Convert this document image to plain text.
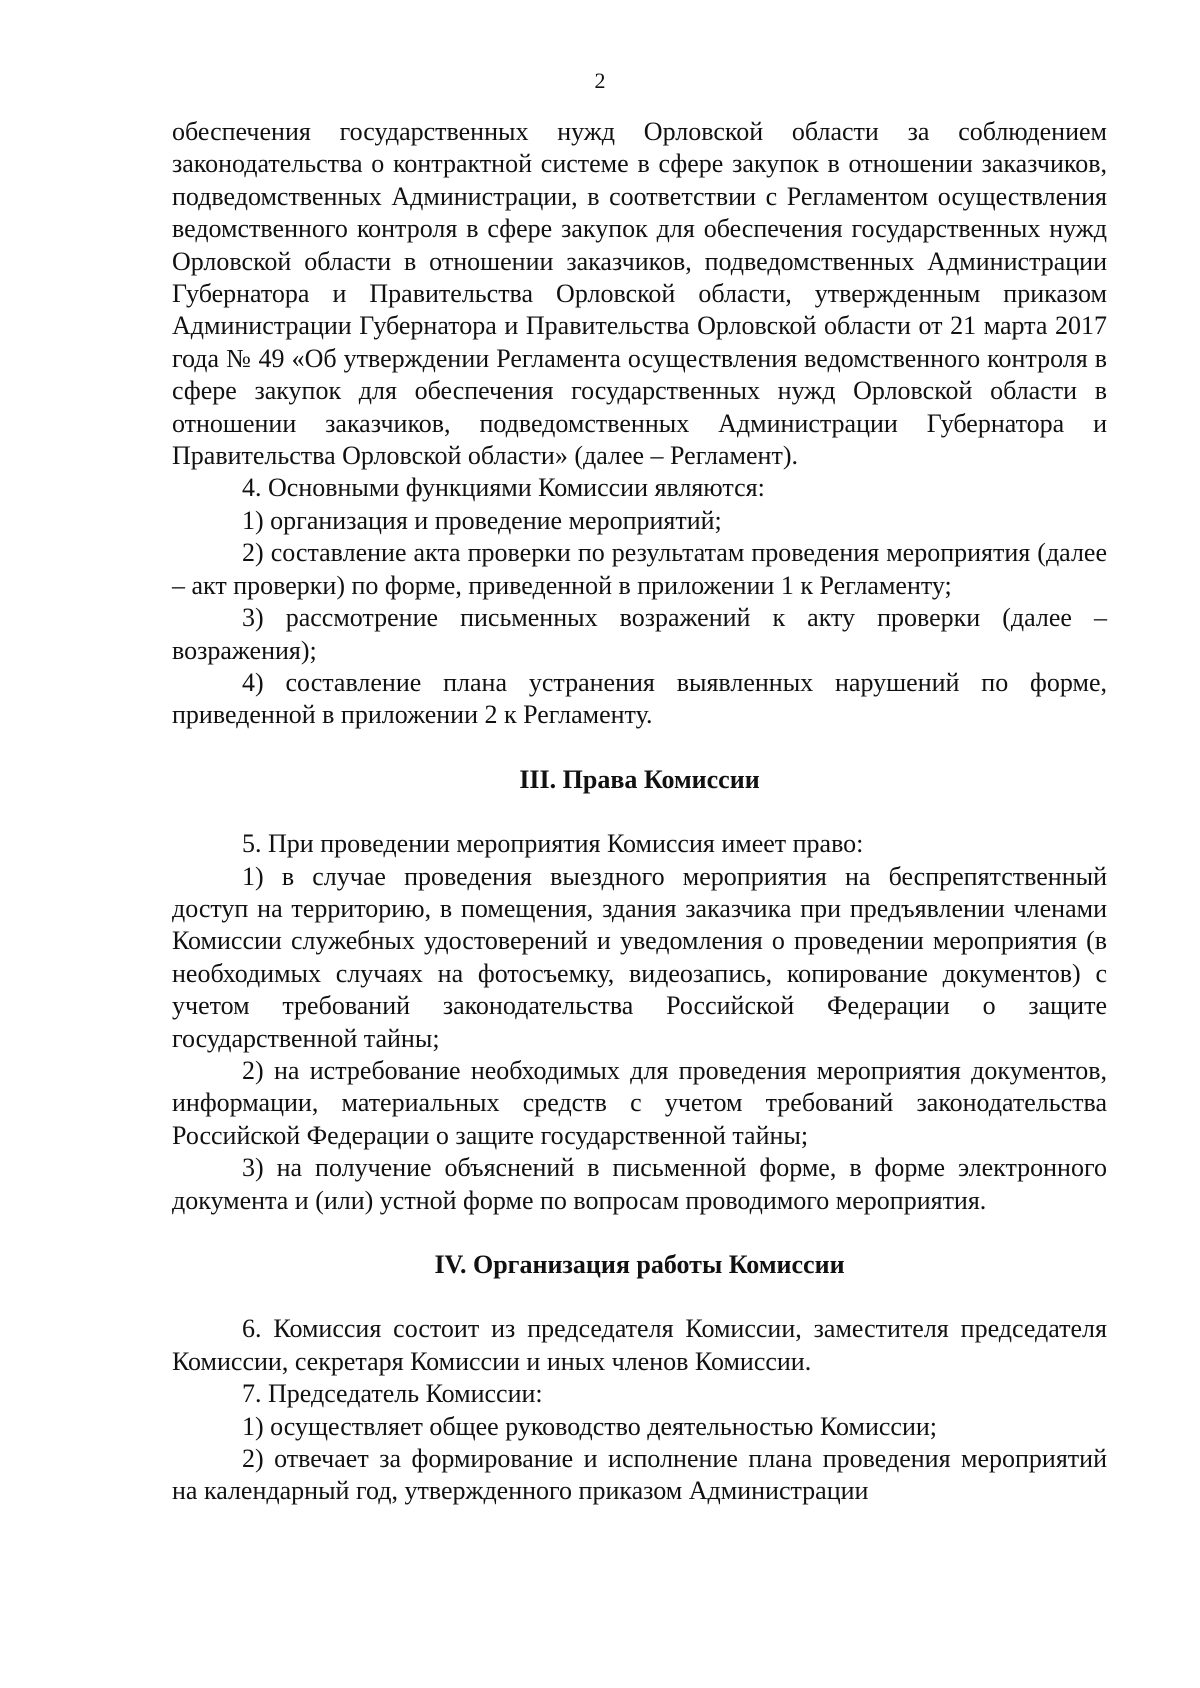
2

обеспечения государственных нужд Орловской области за соблюдением законодательства о контрактной системе в сфере закупок в отношении заказчиков, подведомственных Администрации, в соответствии с Регламентом осуществления ведомственного контроля в сфере закупок для обеспечения государственных нужд Орловской области в отношении заказчиков, подведомственных Администрации Губернатора и Правительства Орловской области, утвержденным приказом Администрации Губернатора и Правительства Орловской области от 21 марта 2017 года № 49 «Об утверждении Регламента осуществления ведомственного контроля в сфере закупок для обеспечения государственных нужд Орловской области в отношении заказчиков, подведомственных Администрации Губернатора и Правительства Орловской области» (далее – Регламент).

4. Основными функциями Комиссии являются:

1) организация и проведение мероприятий;

2) составление акта проверки по результатам проведения мероприятия (далее – акт проверки) по форме, приведенной в приложении 1 к Регламенту;

3) рассмотрение письменных возражений к акту проверки (далее – возражения);

4) составление плана устранения выявленных нарушений по форме, приведенной в приложении 2 к Регламенту.

III. Права Комиссии

5. При проведении мероприятия Комиссия имеет право:

1) в случае проведения выездного мероприятия на беспрепятственный доступ на территорию, в помещения, здания заказчика при предъявлении членами Комиссии служебных удостоверений и уведомления о проведении мероприятия (в необходимых случаях на фотосъемку, видеозапись, копирование документов) с учетом требований законодательства Российской Федерации о защите государственной тайны;

2) на истребование необходимых для проведения мероприятия документов, информации, материальных средств с учетом требований законодательства Российской Федерации о защите государственной тайны;

3) на получение объяснений в письменной форме, в форме электронного документа и (или) устной форме по вопросам проводимого мероприятия.

IV. Организация работы Комиссии

6. Комиссия состоит из председателя Комиссии, заместителя председателя Комиссии, секретаря Комиссии и иных членов Комиссии.

7. Председатель Комиссии:

1) осуществляет общее руководство деятельностью Комиссии;

2) отвечает за формирование и исполнение плана проведения мероприятий на календарный год, утвержденного приказом Администрации
